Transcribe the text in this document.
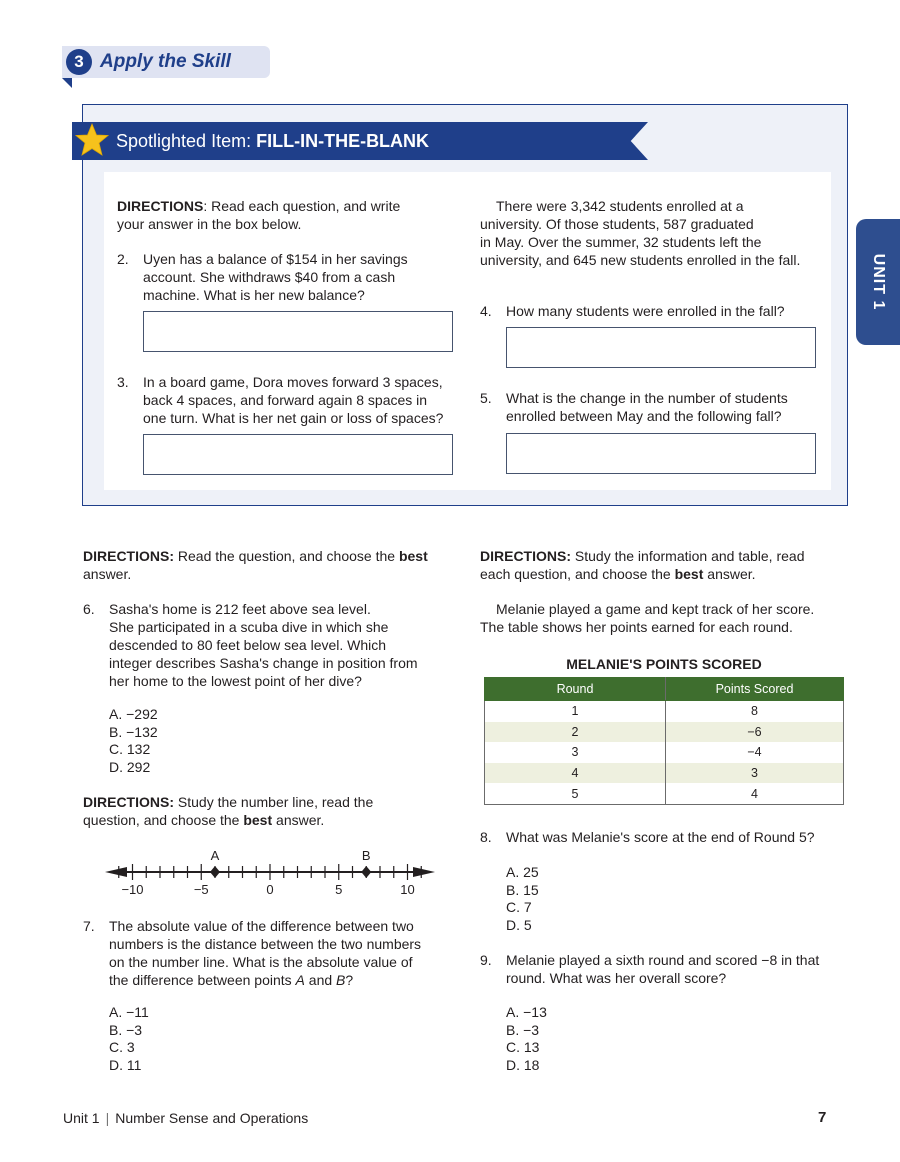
3 Apply the Skill
UNIT 1
Spotlighted Item: FILL-IN-THE-BLANK
DIRECTIONS: Read each question, and write
your answer in the box below.
2. Uyen has a balance of $154 in her savings
account. She withdraws $40 from a cash
machine. What is her new balance?
3. In a board game, Dora moves forward 3 spaces,
back 4 spaces, and forward again 8 spaces in
one turn. What is her net gain or loss of spaces?
There were 3,342 students enrolled at a
university. Of those students, 587 graduated
in May. Over the summer, 32 students left the
university, and 645 new students enrolled in the fall.
4. How many students were enrolled in the fall?
5. What is the change in the number of students
enrolled between May and the following fall?
DIRECTIONS: Read the question, and choose the best
answer.
6. Sasha's home is 212 feet above sea level.
She participated in a scuba dive in which she
descended to 80 feet below sea level. Which
integer describes Sasha's change in position from
her home to the lowest point of her dive?
A. −292
B. −132
C. 132
D. 292
DIRECTIONS: Study the number line, read the
question, and choose the best answer.
−10	−5	0	5	10
A	B
7. The absolute value of the difference between two
numbers is the distance between the two numbers
on the number line. What is the absolute value of
the difference between points A and B?
A. −11
B. −3
C. 3
D. 11
DIRECTIONS: Study the information and table, read
each question, and choose the best answer.
Melanie played a game and kept track of her score.
The table shows her points earned for each round.
MELANIE'S POINTS SCORED
Round	Points Scored
1	8
2	−6
3	−4
4	3
5	4
8. What was Melanie's score at the end of Round 5?
A. 25
B. 15
C. 7
D. 5
9. Melanie played a sixth round and scored −8 in that
round. What was her overall score?
A. −13
B. −3
C. 13
D. 18
Unit 1 | Number Sense and Operations	7
